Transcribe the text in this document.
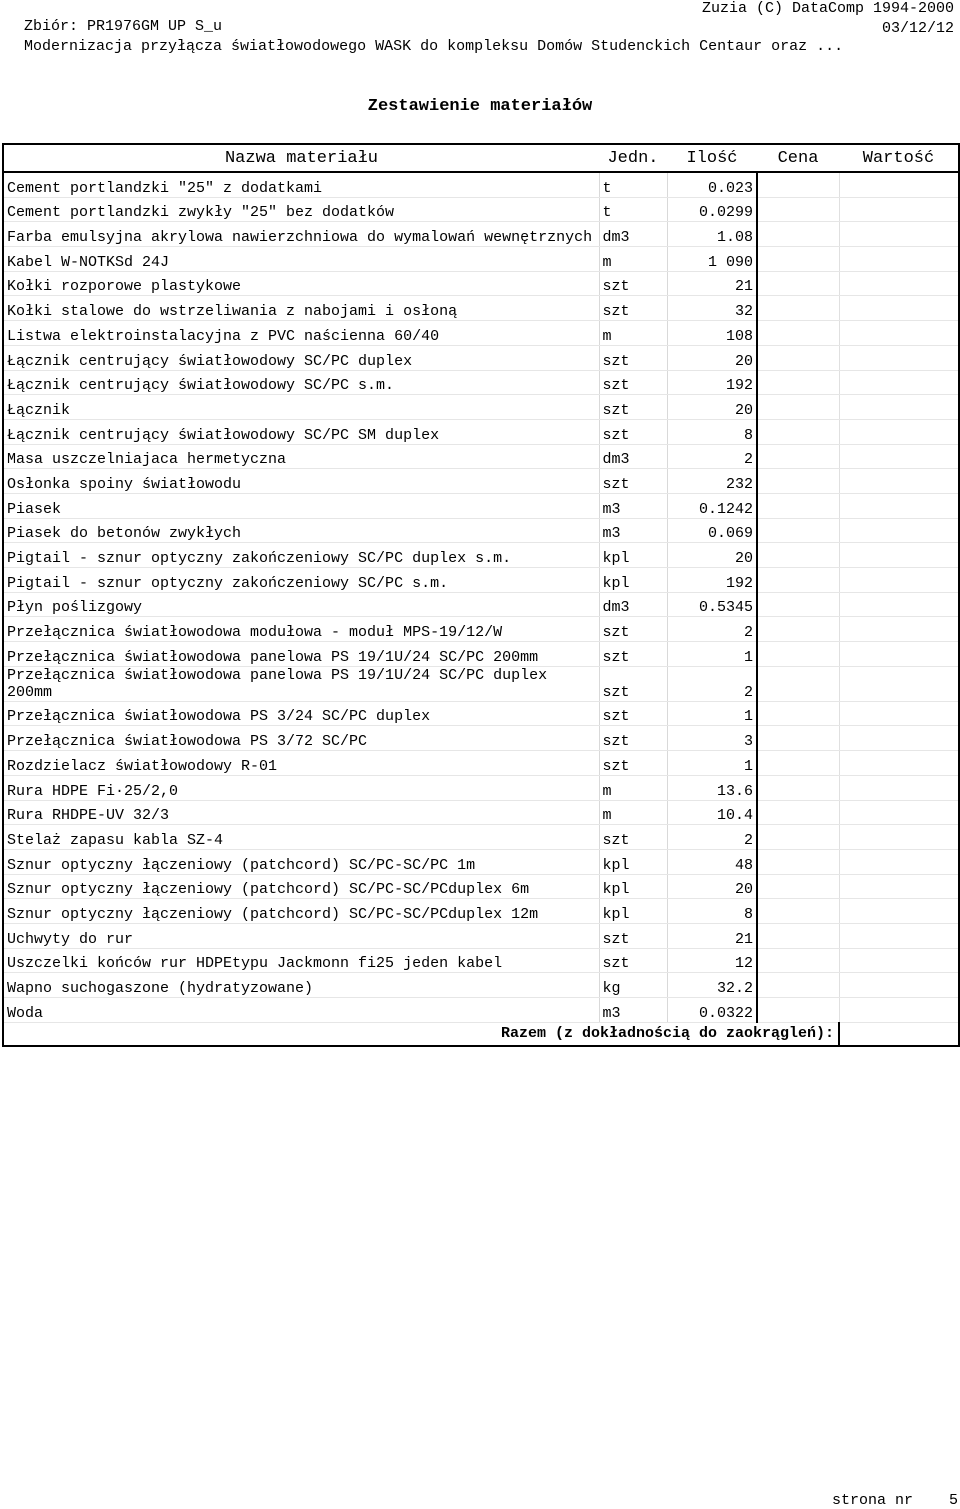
Zbiór: PR1976GM UP S_u

Zuzia (C) DataComp 1994-2000

Modernizacja przyłącza światłowodowego WASK do kompleksu Domów Studenckich Centaur oraz ...

03/12/12

Zestawienie materiałów
Nazwa materiału	Jedn.	Ilość	Cena	Wartość
Cement portlandzki "25" z dodatkami	t	0.023		
Cement portlandzki zwykły "25" bez dodatków	t	0.0299		
Farba emulsyjna akrylowa nawierzchniowa do wymalowań wewnętrznych	dm3	1.08		
Kabel W-NOTKSd 24J	m	1 090		
Kołki rozporowe plastykowe	szt	21		
Kołki stalowe do wstrzeliwania z nabojami i osłoną	szt	32		
Listwa elektroinstalacyjna z PVC naścienna 60/40	m	108		
Łącznik centrujący światłowodowy SC/PC duplex	szt	20		
Łącznik centrujący światłowodowy SC/PC s.m.	szt	192		
Łącznik	szt	20		
Łącznik centrujący światłowodowy SC/PC SM duplex	szt	8		
Masa uszczelniajaca hermetyczna	dm3	2		
Osłonka spoiny światłowodu	szt	232		
Piasek	m3	0.1242		
Piasek do betonów zwykłych	m3	0.069		
Pigtail - sznur optyczny zakończeniowy SC/PC duplex s.m.	kpl	20		
Pigtail - sznur optyczny zakończeniowy SC/PC s.m.	kpl	192		
Płyn poślizgowy	dm3	0.5345		
Przełącznica światłowodowa modułowa - moduł MPS-19/12/W	szt	2		
Przełącznica światłowodowa panelowa PS 19/1U/24 SC/PC 200mm	szt	1		
Przełącznica światłowodowa panelowa PS 19/1U/24 SC/PC duplex 200mm	szt	2		
Przełącznica światłowodowa PS 3/24 SC/PC duplex	szt	1		
Przełącznica światłowodowa PS 3/72 SC/PC	szt	3		
Rozdzielacz światłowodowy R-01	szt	1		
Rura HDPE Fi·25/2,0	m	13.6		
Rura RHDPE-UV 32/3	m	10.4		
Stelaż zapasu kabla SZ-4	szt	2		
Sznur optyczny łączeniowy (patchcord) SC/PC-SC/PC 1m	kpl	48		
Sznur optyczny łączeniowy (patchcord) SC/PC-SC/PCduplex 6m	kpl	20		
Sznur optyczny łączeniowy (patchcord) SC/PC-SC/PCduplex 12m	kpl	8		
Uchwyty do rur	szt	21		
Uszczelki końców rur HDPEtypu Jackmonn fi25 jeden kabel	szt	12		
Wapno suchogaszone (hydratyzowane)	kg	32.2		
Woda	m3	0.0322		
Razem (z dokładnością do zaokrągleń):				
strona nr 5
